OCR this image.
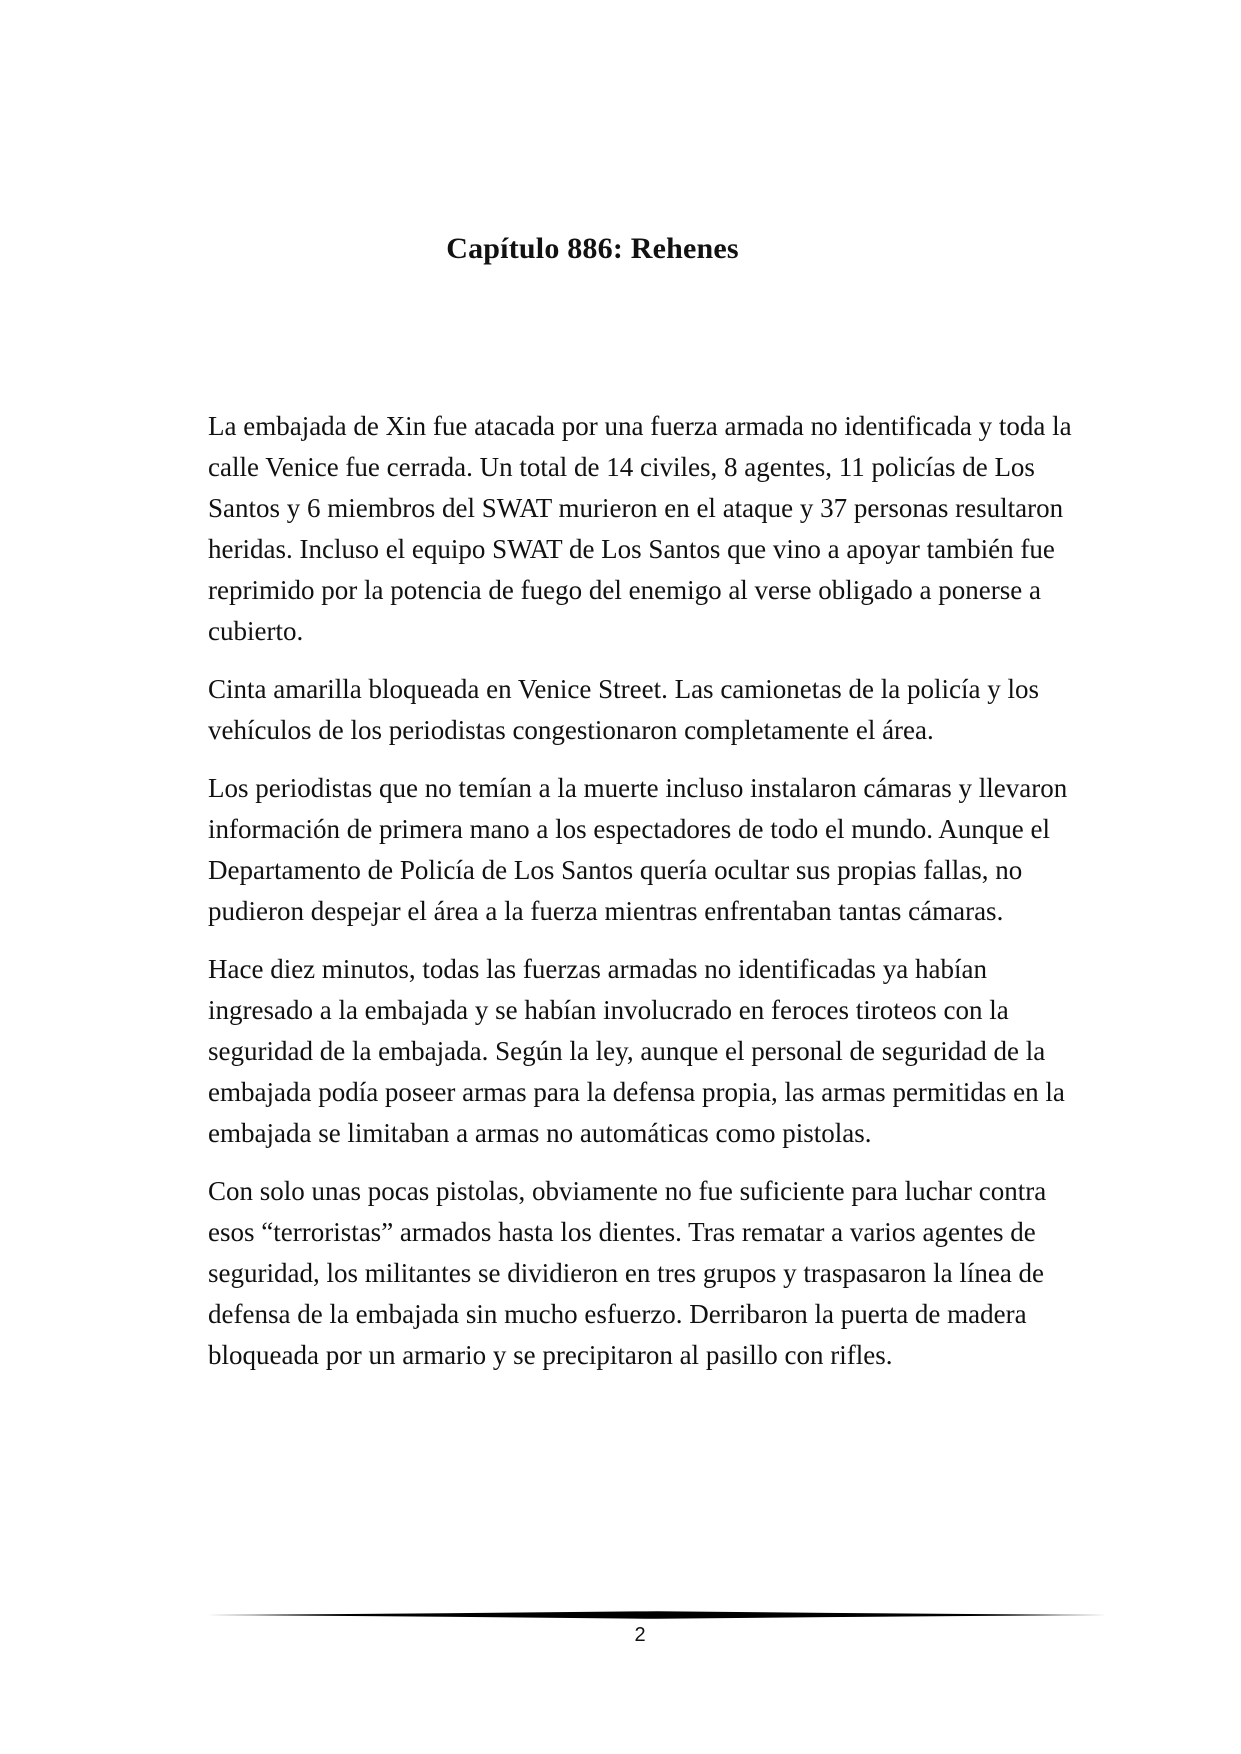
Capítulo 886: Rehenes

La embajada de Xin fue atacada por una fuerza armada no identificada y toda la calle Venice fue cerrada. Un total de 14 civiles, 8 agentes, 11 policías de Los Santos y 6 miembros del SWAT murieron en el ataque y 37 personas resultaron heridas. Incluso el equipo SWAT de Los Santos que vino a apoyar también fue reprimido por la potencia de fuego del enemigo al verse obligado a ponerse a cubierto.

Cinta amarilla bloqueada en Venice Street. Las camionetas de la policía y los vehículos de los periodistas congestionaron completamente el área.

Los periodistas que no temían a la muerte incluso instalaron cámaras y llevaron información de primera mano a los espectadores de todo el mundo. Aunque el Departamento de Policía de Los Santos quería ocultar sus propias fallas, no pudieron despejar el área a la fuerza mientras enfrentaban tantas cámaras.

Hace diez minutos, todas las fuerzas armadas no identificadas ya habían ingresado a la embajada y se habían involucrado en feroces tiroteos con la seguridad de la embajada. Según la ley, aunque el personal de seguridad de la embajada podía poseer armas para la defensa propia, las armas permitidas en la embajada se limitaban a armas no automáticas como pistolas.

Con solo unas pocas pistolas, obviamente no fue suficiente para luchar contra esos “terroristas” armados hasta los dientes. Tras rematar a varios agentes de seguridad, los militantes se dividieron en tres grupos y traspasaron la línea de defensa de la embajada sin mucho esfuerzo. Derribaron la puerta de madera bloqueada por un armario y se precipitaron al pasillo con rifles.

2
